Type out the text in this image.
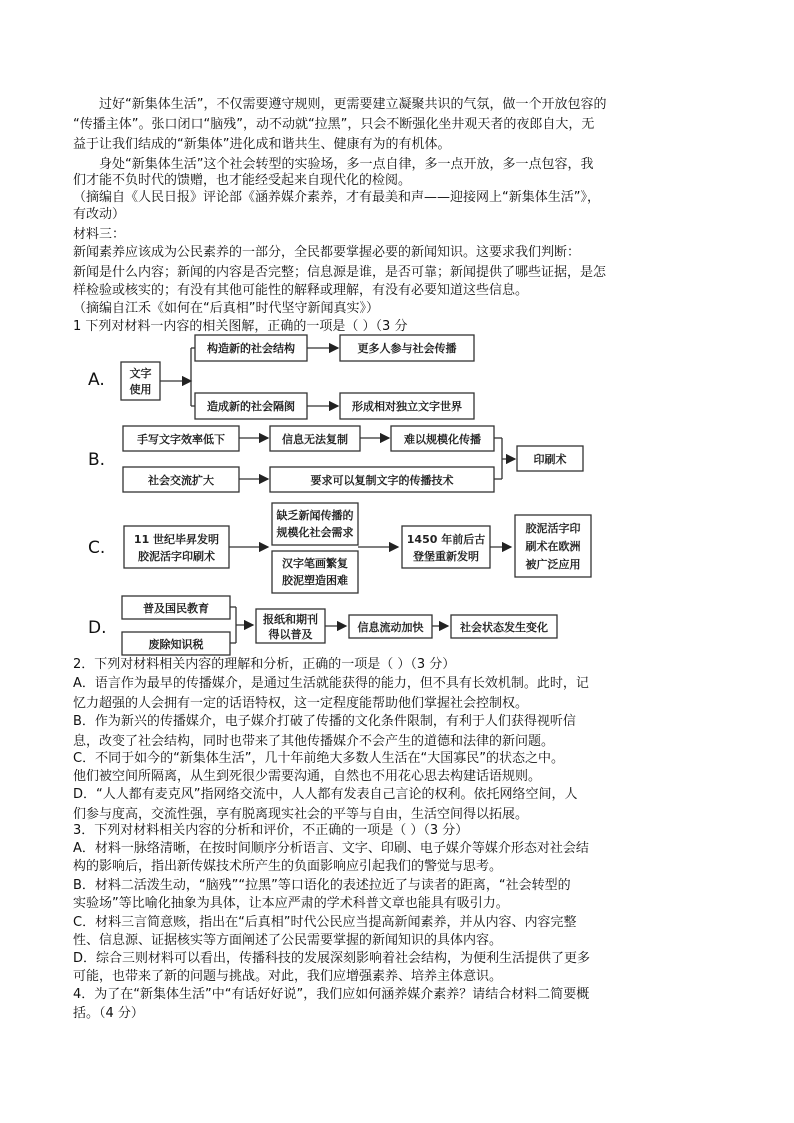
　　过好“新集体生活”，不仅需要遵守规则，更需要建立凝聚共识的气氛，做一个开放包容的
“传播主体”。张口闭口“脑残”，动不动就“拉黑”，只会不断强化坐井观天者的夜郎自大，无
益于让我们结成的“新集体”进化成和谐共生、健康有为的有机体。
　　身处“新集体生活”这个社会转型的实验场，多一点自律，多一点开放，多一点包容，我
们才能不负时代的馈赠，也才能经受起来自现代化的检阅。
（摘编自《人民日报》评论部《涵养媒介素养，才有最美和声——迎接网上“新集体生活”》，
有改动）
材料三：
新闻素养应该成为公民素养的一部分，全民都要掌握必要的新闻知识。这要求我们判断：
新闻是什么内容；新闻的内容是否完整；信息源是谁，是否可靠；新闻提供了哪些证据，是怎
样检验或核实的；有没有其他可能性的解释或理解，有没有必要知道这些信息。
（摘编自江禾《如何在“后真相”时代坚守新闻真实》）
1 下列对材料一内容的相关图解，正确的一项是（ ）（3 分
A. 文字
使用
构造新的社会结构	更多人参与社会传播
造成新的社会隔阂	形成相对独立文字世界
B.
手写文字效率低下	信息无法复制	难以规模化传播
社会交流扩大	要求可以复制文字的传播技术
印刷术
C.	11 世纪毕昇发明
胶泥活字印刷术
缺乏新闻传播的
规模化社会需求
汉字笔画繁复
胶泥塑造困难
1450 年前后古
登堡重新发明
胶泥活字印
刷术在欧洲
被广泛应用
D.
普及国民教育
废除知识税
报纸和期刊
得以普及
信息流动加快	社会状态发生变化
2．下列对材料相关内容的理解和分析，正确的一项是（ ）（3 分）
A．语言作为最早的传播媒介，是通过生活就能获得的能力，但不具有长效机制。此时，记
忆力超强的人会拥有一定的话语特权，这一定程度能帮助他们掌握社会控制权。
B．作为新兴的传播媒介，电子媒介打破了传播的文化条件限制，有利于人们获得视听信
息，改变了社会结构，同时也带来了其他传播媒介不会产生的道德和法律的新问题。
C．不同于如今的“新集体生活”，几十年前绝大多数人生活在“大国寡民”的状态之中。
他们被空间所隔离，从生到死很少需要沟通，自然也不用花心思去构建话语规则。
D．“人人都有麦克风”指网络交流中，人人都有发表自己言论的权利。依托网络空间，人
们参与度高，交流性强，享有脱离现实社会的平等与自由，生活空间得以拓展。
3．下列对材料相关内容的分析和评价，不正确的一项是（ ）（3 分）
A．材料一脉络清晰，在按时间顺序分析语言、文字、印刷、电子媒介等媒介形态对社会结
构的影响后，指出新传媒技术所产生的负面影响应引起我们的警觉与思考。
B．材料二活泼生动，“脑残”“拉黑”等口语化的表述拉近了与读者的距离，“社会转型的
实验场”等比喻化抽象为具体，让本应严肃的学术科普文章也能具有吸引力。
C．材料三言简意赅，指出在“后真相”时代公民应当提高新闻素养，并从内容、内容完整
性、信息源、证据核实等方面阐述了公民需要掌握的新闻知识的具体内容。
D．综合三则材料可以看出，传播科技的发展深刻影响着社会结构，为便利生活提供了更多
可能，也带来了新的问题与挑战。对此，我们应增强素养、培养主体意识。
4．为了在“新集体生活”中“有话好好说”，我们应如何涵养媒介素养？请结合材料二简要概
括。（4 分）
